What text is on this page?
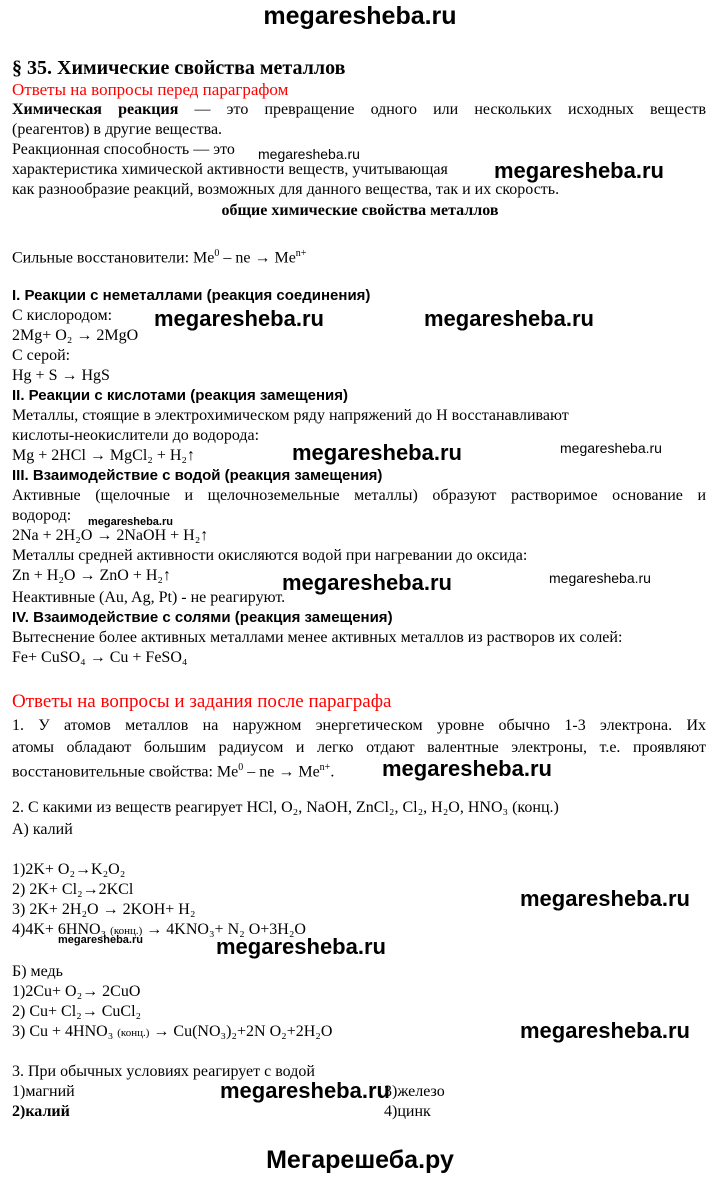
megaresheba.ru
§ 35. Химические свойства металлов
Ответы на вопросы перед параграфом
Химическая реакция — это превращение одного или нескольких исходных веществ
(реагентов) в другие вещества.
Реакционная способность — это
характеристика химической активности веществ, учитывающая
как разнообразие реакций, возможных для данного вещества, так и их скорость.
общие химические свойства металлов
Сильные восстановители: Me$^0$ – ne → $Me^{n+}$
I. Реакции с неметаллами (реакция соединения)
С кислородом:
2Mg+ O₂ → 2MgO
С серой:
Hg + S → HgS
II. Реакции с кислотами (реакция замещения)
Металлы, стоящие в электрохимическом ряду напряжений до Н восстанавливают
кислоты-неокислители до водорода:
Mg + 2HCl → MgCl₂ + H₂↑
III. Взаимодействие с водой (реакция замещения)
Активные (щелочные и щелочноземельные металлы) образуют растворимое основание и
водород:
2Na + 2H₂O → 2NaOH + H₂↑
Металлы средней активности окисляются водой при нагревании до оксида:
Zn + H₂O → ZnO + H₂↑
Неактивные (Au, Ag, Pt) - не реагируют.
IV. Взаимодействие с солями (реакция замещения)
Вытеснение более активных металлами менее активных металлов из растворов их солей:
Fe+ CuSO₄ → Cu + FeSO₄
Ответы на вопросы и задания после параграфа
1. У атомов металлов на наружном энергетическом уровне обычно 1-3 электрона. Их
атомы обладают большим радиусом и легко отдают валентные электроны, т.е. проявляют
восстановительные свойства: Me$^0$ – ne → $Me^{n+}$.
2. С какими из веществ реагирует HCl, O₂, NaOH, ZnCl₂, Cl₂, H₂O, HNO₃ (конц.)
А) калий
1)2K+ O₂→K₂O₂
2) 2K+ Cl₂→2KCl
3) 2K+ 2H₂O → 2KOH+ H₂
4)4K+ 6HNO₃ (конц.) → 4KNO₃+ N₂ O+3H₂O
Б) медь
1)2Cu+ O₂→ 2CuO
2) Cu+ Cl₂→ CuCl₂
3) Cu + 4HNO₃ (конц.) → Cu(NO₃)₂+2N O₂+2H₂O
3. При обычных условиях реагирует с водой
1)магний	3)железо
2)калий	4)цинк
Мегарешеба.ру
megaresheba.ru
megaresheba.ru
megaresheba.ru	megaresheba.ru
megaresheba.ru	megaresheba.ru
megaresheba.ru
megaresheba.ru	megaresheba.ru
megaresheba.ru
megaresheba.ru
megaresheba.ru	megaresheba.ru
megaresheba.ru
megaresheba.ru
